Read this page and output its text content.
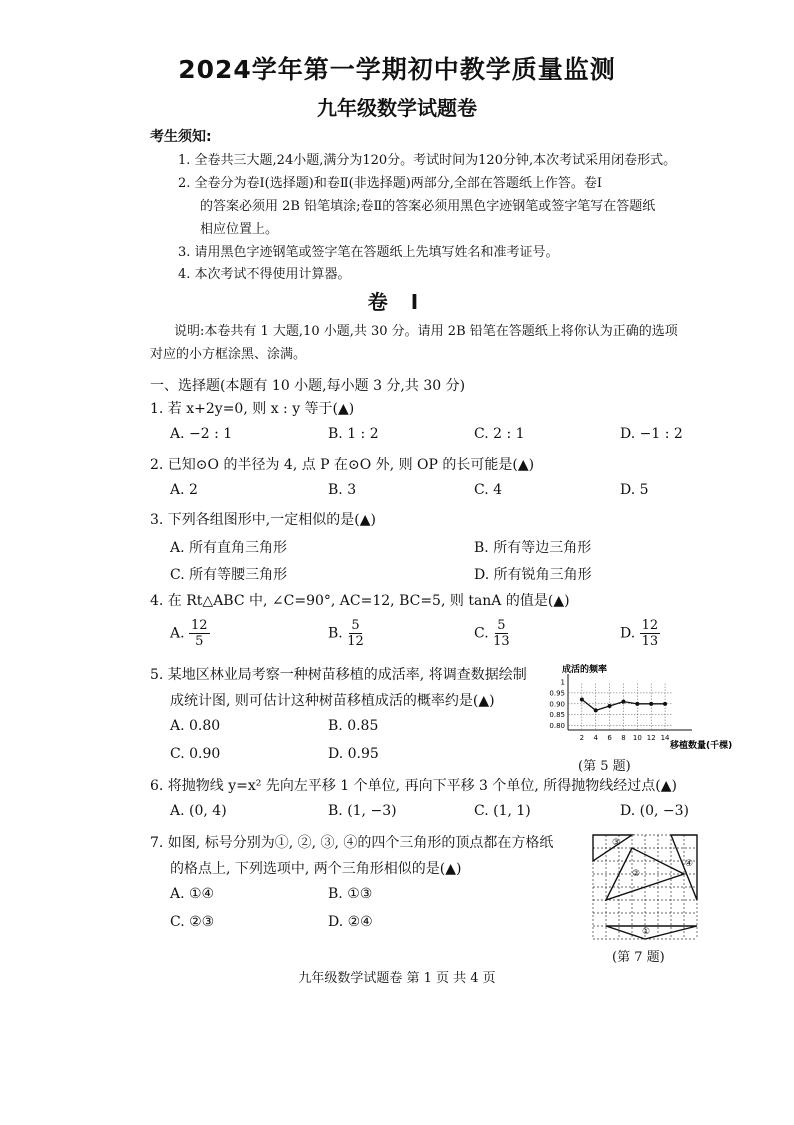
2024学年第一学期初中教学质量监测
九年级数学试题卷
考生须知:
1. 全卷共三大题,24小题,满分为120分。考试时间为120分钟,本次考试采用闭卷形式。
2. 全卷分为卷Ⅰ(选择题)和卷Ⅱ(非选择题)两部分,全部在答题纸上作答。卷Ⅰ
的答案必须用 2B 铅笔填涂;卷Ⅱ的答案必须用黑色字迹钢笔或签字笔写在答题纸
相应位置上。
3. 请用黑色字迹钢笔或签字笔在答题纸上先填写姓名和准考证号。
4. 本次考试不得使用计算器。
卷 Ⅰ
说明:本卷共有 1 大题,10 小题,共 30 分。请用 2B 铅笔在答题纸上将你认为正确的选项
对应的小方框涂黑、涂满。
一、选择题(本题有 10 小题,每小题 3 分,共 30 分)
1. 若 x+2y=0, 则 x : y 等于(▲)
A. −2 : 1	B. 1 : 2	C. 2 : 1	D. −1 : 2
2. 已知⊙O 的半径为 4, 点 P 在⊙O 外, 则 OP 的长可能是(▲)
A. 2	B. 3	C. 4	D. 5
3. 下列各组图形中,一定相似的是(▲)
A. 所有直角三角形	B. 所有等边三角形
C. 所有等腰三角形	D. 所有锐角三角形
4. 在 Rt△ABC 中, ∠C=90°, AC=12, BC=5, 则 tanA 的值是(▲)
A. $\frac{12}{5}$	B. $\frac{5}{12}$	C. $\frac{5}{13}$	D. $\frac{12}{13}$
5. 某地区林业局考察一种树苗移植的成活率, 将调查数据绘制
成统计图, 则可估计这种树苗移植成活的概率约是(▲)
A. 0.80	B. 0.85
C. 0.90	D. 0.95
成活的频率
移植数量(千棵)
2 4 6 8 10 12 14
0.95
0.90
0.85
0.80
1
(第 5 题)
6. 将抛物线 y=x² 先向左平移 1 个单位, 再向下平移 3 个单位, 所得抛物线经过点(▲)
A. (0, 4)	B. (1, −3)	C. (1, 1)	D. (0, −3)
7. 如图, 标号分别为①, ②, ③, ④的四个三角形的顶点都在方格纸
的格点上, 下列选项中, 两个三角形相似的是(▲)
A. ①④	B. ①③
C. ②③	D. ②④
①
②
③
④
(第 7 题)
九年级数学试题卷 第 1 页 共 4 页
